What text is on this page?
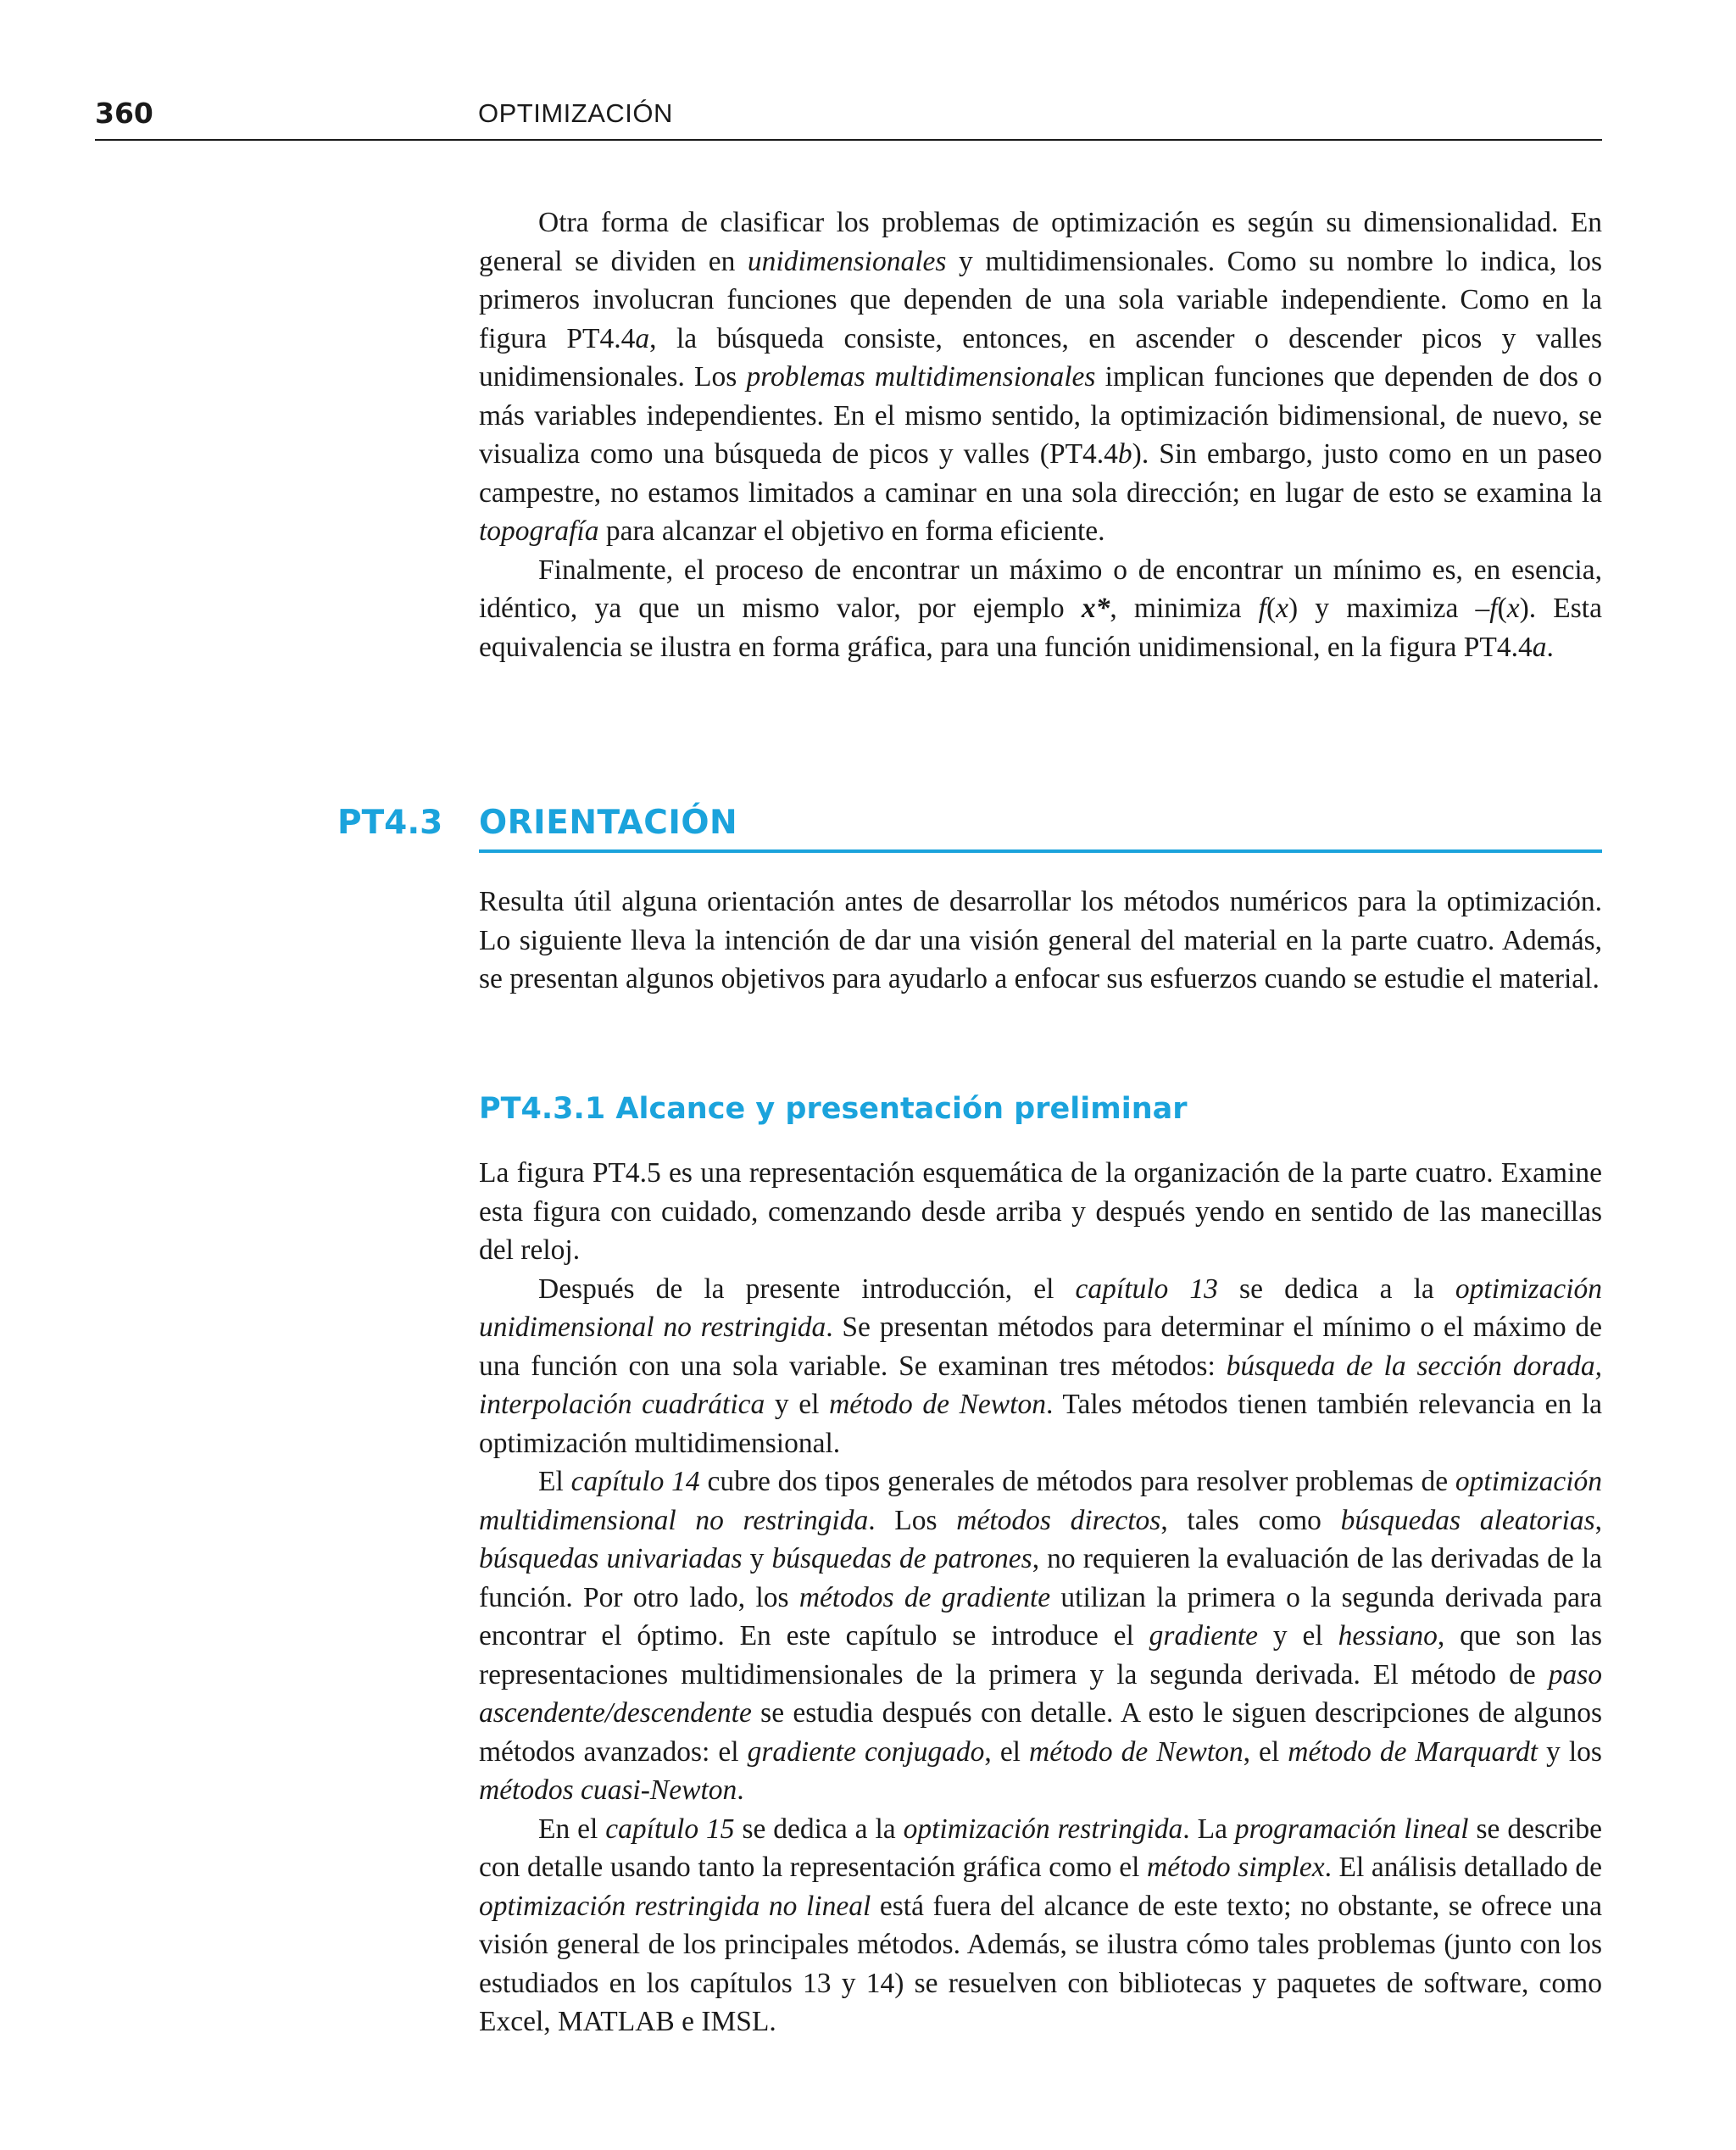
360	OPTIMIZACIÓN

Otra forma de clasificar los problemas de optimización es según su dimensionalidad. En general se dividen en unidimensionales y multidimensionales. Como su nombre lo indica, los primeros involucran funciones que dependen de una sola variable independiente. Como en la figura PT4.4a, la búsqueda consiste, entonces, en ascender o descender picos y valles unidimensionales. Los problemas multidimensionales implican funciones que dependen de dos o más variables independientes. En el mismo sentido, la optimización bidimensional, de nuevo, se visualiza como una búsqueda de picos y valles (PT4.4b). Sin embargo, justo como en un paseo campestre, no estamos limitados a caminar en una sola dirección; en lugar de esto se examina la topografía para alcanzar el objetivo en forma eficiente.

Finalmente, el proceso de encontrar un máximo o de encontrar un mínimo es, en esencia, idéntico, ya que un mismo valor, por ejemplo x*, minimiza f(x) y maximiza –f(x). Esta equivalencia se ilustra en forma gráfica, para una función unidimensional, en la figura PT4.4a.

PT4.3 ORIENTACIÓN

Resulta útil alguna orientación antes de desarrollar los métodos numéricos para la optimización. Lo siguiente lleva la intención de dar una visión general del material en la parte cuatro. Además, se presentan algunos objetivos para ayudarlo a enfocar sus esfuerzos cuando se estudie el material.

PT4.3.1 Alcance y presentación preliminar

La figura PT4.5 es una representación esquemática de la organización de la parte cuatro. Examine esta figura con cuidado, comenzando desde arriba y después yendo en sentido de las manecillas del reloj.

Después de la presente introducción, el capítulo 13 se dedica a la optimización unidimensional no restringida. Se presentan métodos para determinar el mínimo o el máximo de una función con una sola variable. Se examinan tres métodos: búsqueda de la sección dorada, interpolación cuadrática y el método de Newton. Tales métodos tienen también relevancia en la optimización multidimensional.

El capítulo 14 cubre dos tipos generales de métodos para resolver problemas de optimización multidimensional no restringida. Los métodos directos, tales como búsquedas aleatorias, búsquedas univariadas y búsquedas de patrones, no requieren la evaluación de las derivadas de la función. Por otro lado, los métodos de gradiente utilizan la primera o la segunda derivada para encontrar el óptimo. En este capítulo se introduce el gradiente y el hessiano, que son las representaciones multidimensionales de la primera y la segunda derivada. El método de paso ascendente/descendente se estudia después con detalle. A esto le siguen descripciones de algunos métodos avanzados: el gradiente conjugado, el método de Newton, el método de Marquardt y los métodos cuasi-Newton.

En el capítulo 15 se dedica a la optimización restringida. La programación lineal se describe con detalle usando tanto la representación gráfica como el método simplex. El análisis detallado de optimización restringida no lineal está fuera del alcance de este texto; no obstante, se ofrece una visión general de los principales métodos. Además, se ilustra cómo tales problemas (junto con los estudiados en los capítulos 13 y 14) se resuelven con bibliotecas y paquetes de software, como Excel, MATLAB e IMSL.
